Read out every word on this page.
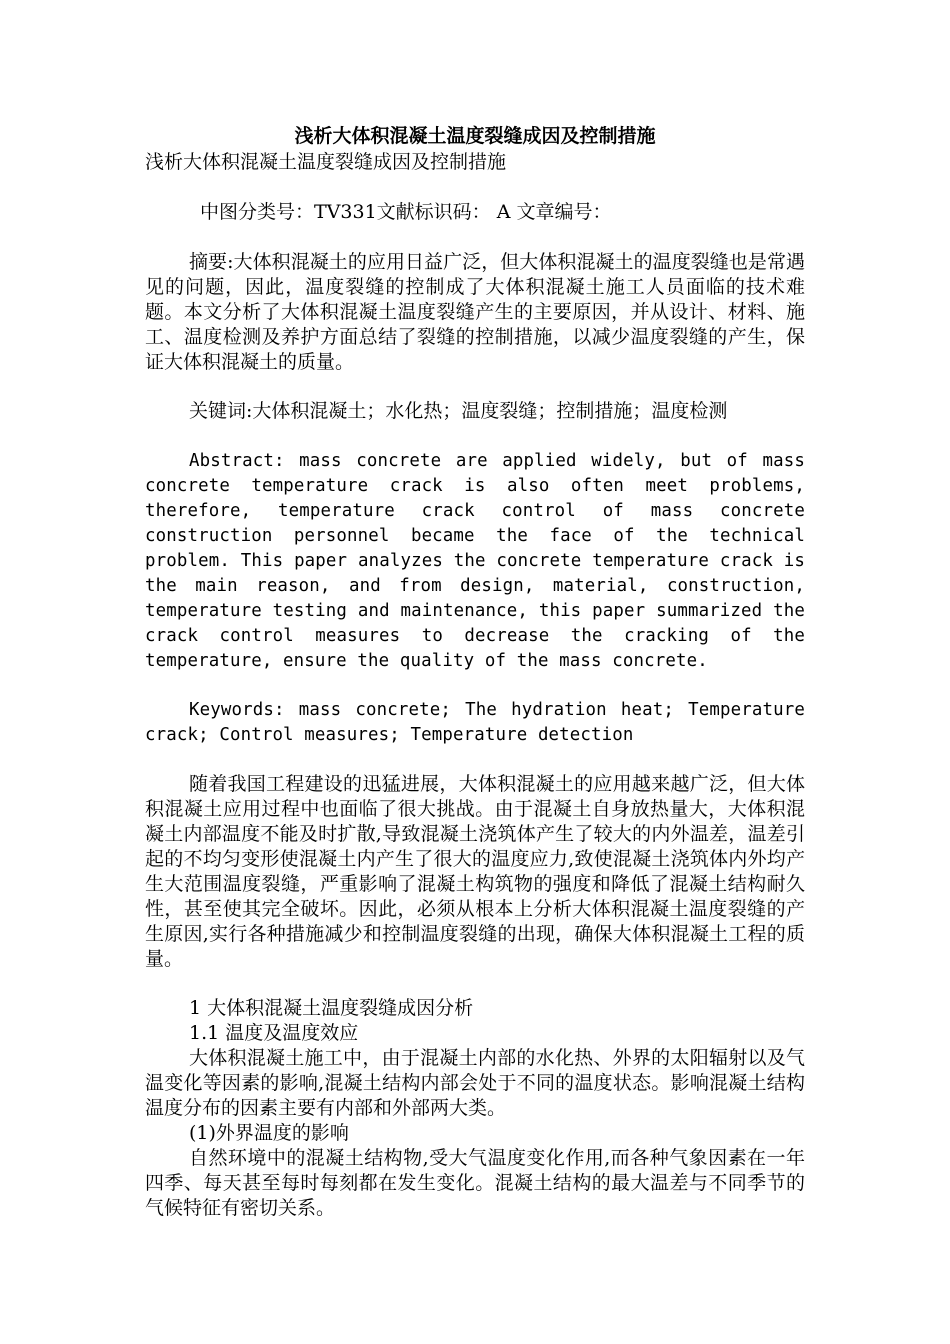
浅析大体积混凝土温度裂缝成因及控制措施
浅析大体积混凝土温度裂缝成因及控制措施
中图分类号：TV331文献标识码： A 文章编号：

摘要:大体积混凝土的应用日益广泛，但大体积混凝土的温度裂缝也是常遇见的问题，因此，温度裂缝的控制成了大体积混凝土施工人员面临的技术难题。本文分析了大体积混凝土温度裂缝产生的主要原因，并从设计、材料、施工、温度检测及养护方面总结了裂缝的控制措施，以减少温度裂缝的产生，保证大体积混凝土的质量。

关键词:大体积混凝土；水化热；温度裂缝；控制措施；温度检测

Abstract: mass concrete are applied widely, but of mass concrete temperature crack is also often meet problems, therefore, temperature crack control of mass concrete construction personnel became the face of the technical problem. This paper analyzes the concrete temperature crack is the main reason, and from design, material, construction, temperature testing and maintenance, this paper summarized the crack control measures to decrease the cracking of the temperature, ensure the quality of the mass concrete.

Keywords: mass concrete; The hydration heat; Temperature crack; Control measures; Temperature detection

随着我国工程建设的迅猛进展，大体积混凝土的应用越来越广泛，但大体积混凝土应用过程中也面临了很大挑战。由于混凝土自身放热量大，大体积混凝土内部温度不能及时扩散,导致混凝土浇筑体产生了较大的内外温差，温差引起的不均匀变形使混凝土内产生了很大的温度应力,致使混凝土浇筑体内外均产生大范围温度裂缝，严重影响了混凝土构筑物的强度和降低了混凝土结构耐久性，甚至使其完全破坏。因此，必须从根本上分析大体积混凝土温度裂缝的产生原因,实行各种措施减少和控制温度裂缝的出现，确保大体积混凝土工程的质量。

1 大体积混凝土温度裂缝成因分析
1.1 温度及温度效应

大体积混凝土施工中，由于混凝土内部的水化热、外界的太阳辐射以及气温变化等因素的影响,混凝土结构内部会处于不同的温度状态。影响混凝土结构温度分布的因素主要有内部和外部两大类。

(1)外界温度的影响

自然环境中的混凝土结构物,受大气温度变化作用,而各种气象因素在一年四季、每天甚至每时每刻都在发生变化。混凝土结构的最大温差与不同季节的气候特征有密切关系。
